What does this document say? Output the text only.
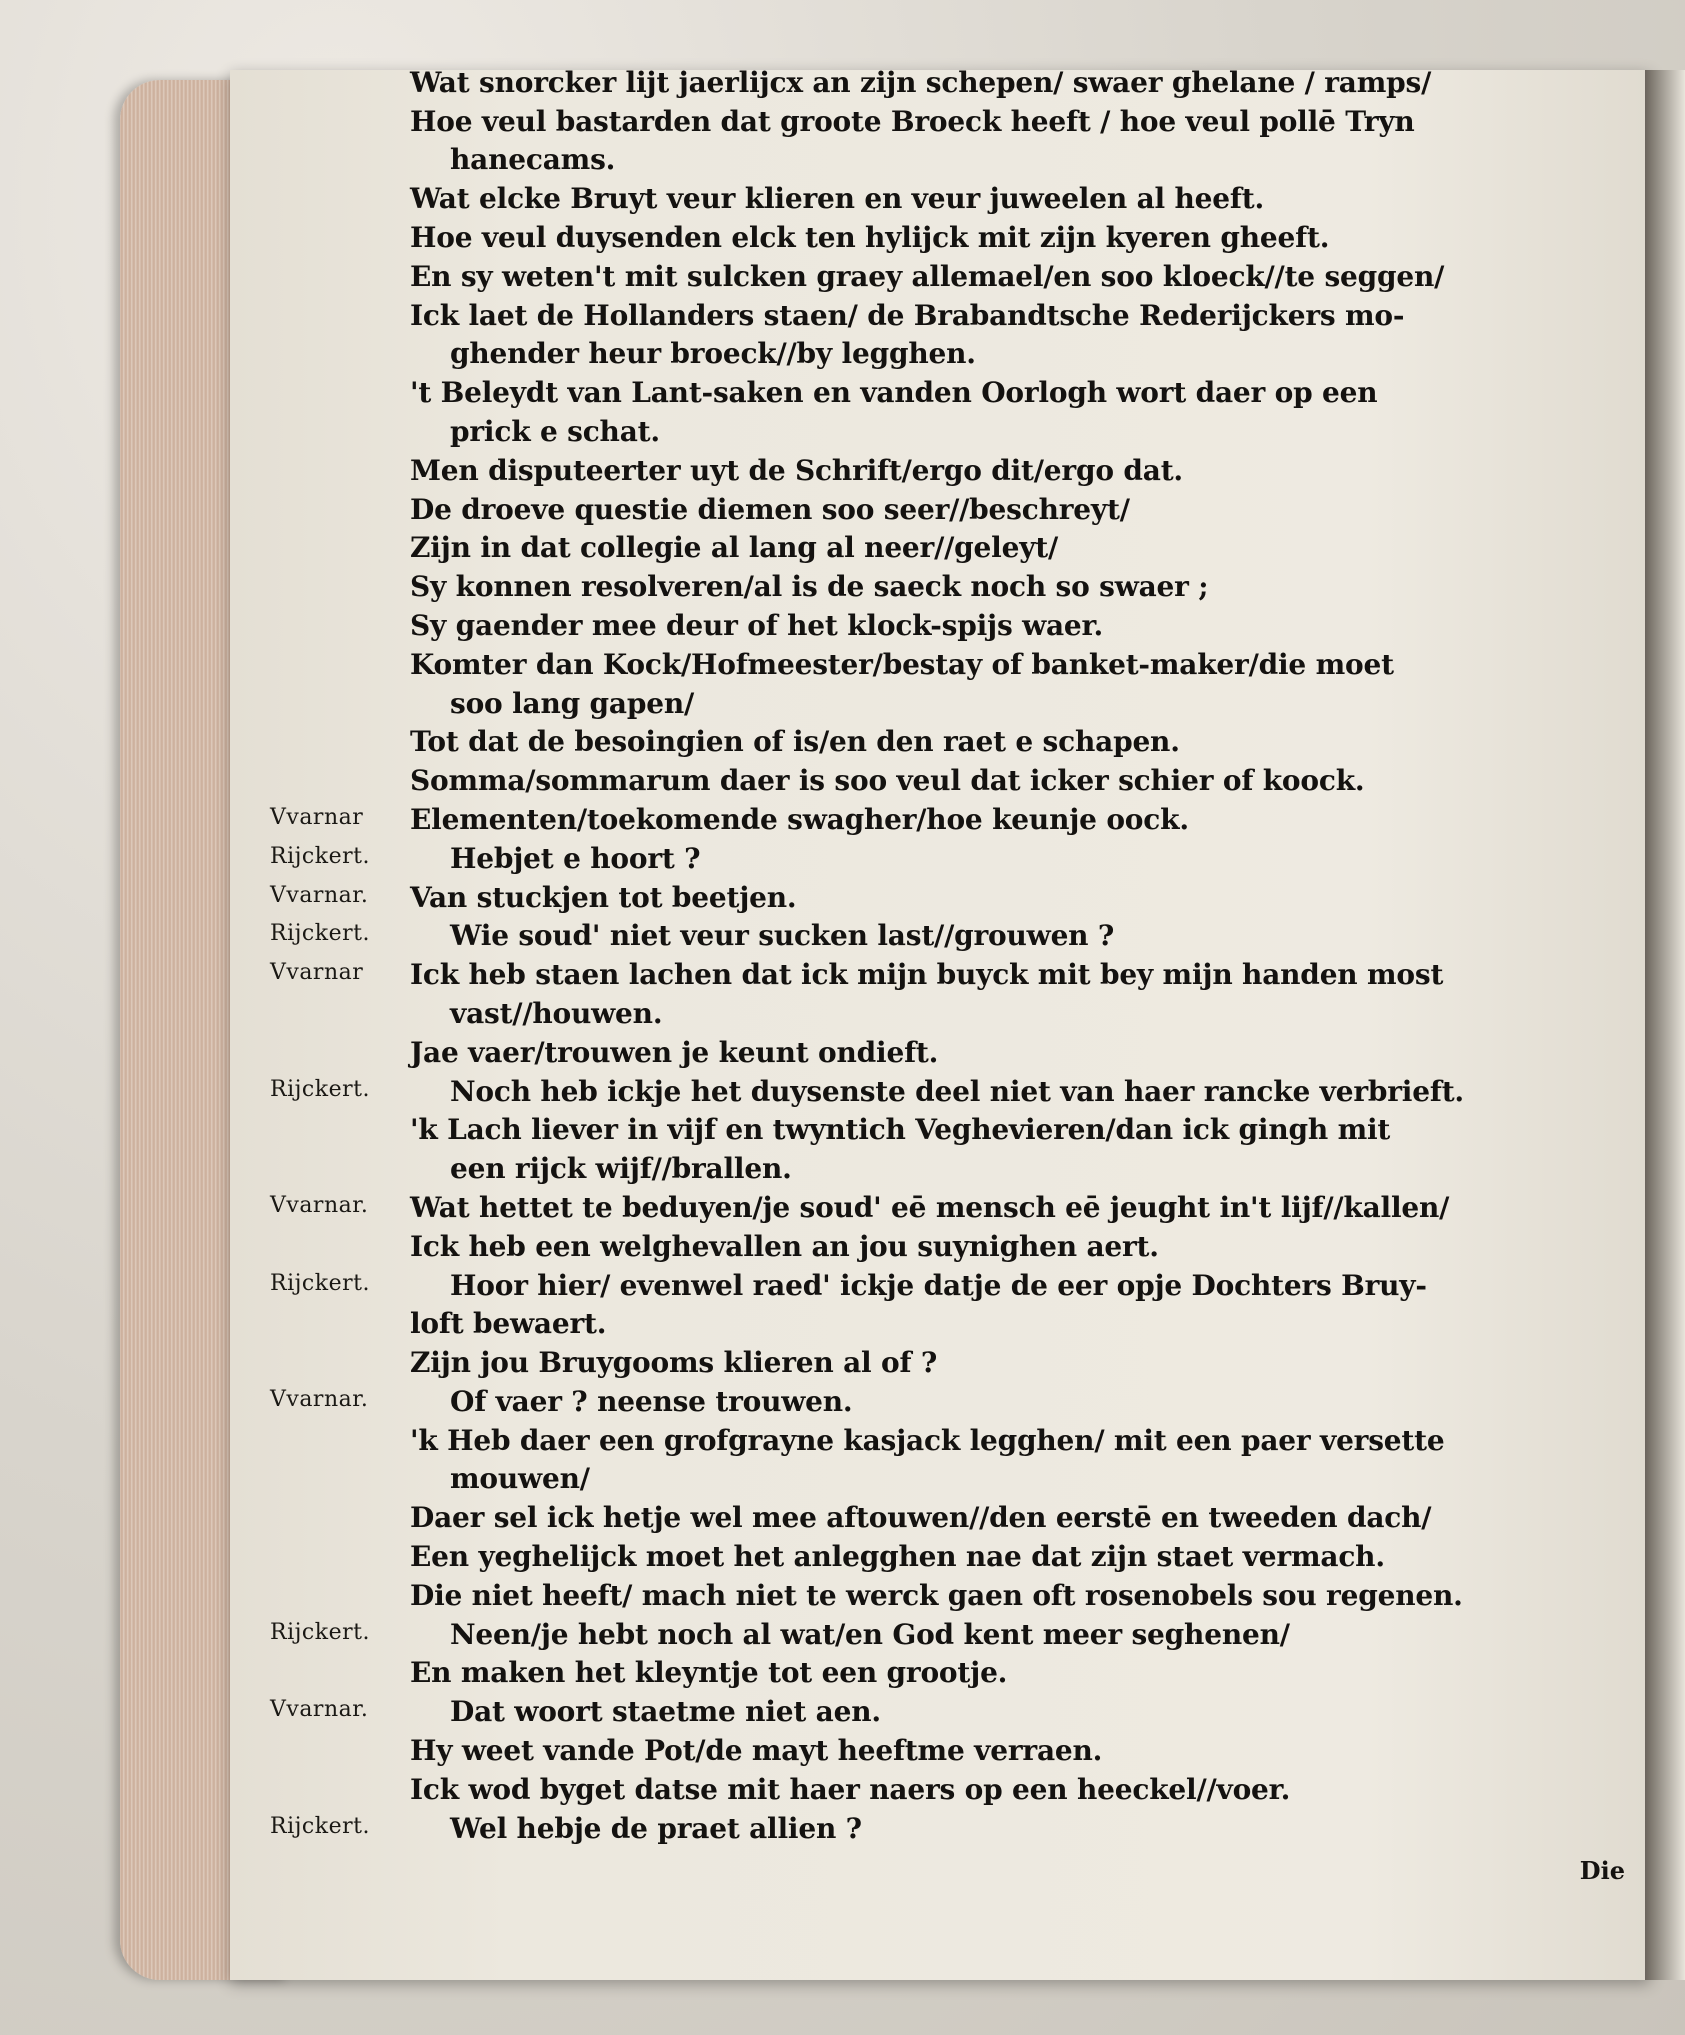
Wat snorcker lijt jaerlijcx an zijn schepen/ swaer ghelane / ramps/
Hoe veul bastarden dat groote Broeck heeft / hoe veul pollē Tryn
hanecams.
Wat elcke Bruyt veur klieren en veur juweelen al heeft.
Hoe veul duysenden elck ten hylijck mit zijn kyeren gheeft.
En sy weten't mit sulcken graey allemael/en soo kloeck//te seggen/
Ick laet de Hollanders staen/ de Brabandtsche Rederijckers mo-
ghender heur broeck//by legghen.
't Beleydt van Lant-saken en vanden Oorlogh wort daer op een
prick e schat.
Men disputeerter uyt de Schrift/ergo dit/ergo dat.
De droeve questie diemen soo seer//beschreyt/
Zijn in dat collegie al lang al neer//geleyt/
Sy konnen resolveren/al is de saeck noch so swaer ;
Sy gaender mee deur of het klock-spijs waer.
Komter dan Kock/Hofmeester/bestay of banket-maker/die moet
soo lang gapen/
Tot dat de besoingien of is/en den raet e schapen.
Somma/sommarum daer is soo veul dat icker schier of koock.
Vvarnar	Elementen/toekomende swagher/hoe keunje oock.
Rijckert.	Hebjet e hoort ?
Vvarnar.	Van stuckjen tot beetjen.
Rijckert.	Wie soud' niet veur sucken last//grouwen ?
Vvarnar	Ick heb staen lachen dat ick mijn buyck mit bey mijn handen most
vast//houwen.
Jae vaer/trouwen je keunt ondieft.
Rijckert.	Noch heb ickje het duysenste deel niet van haer rancke verbrieft.
'k Lach liever in vijf en twyntich Veghevieren/dan ick gingh mit
een rijck wijf//brallen.
Vvarnar.	Wat hettet te beduyen/je soud' eē mensch eē jeught in't lijf//kallen/
Ick heb een welghevallen an jou suynighen aert.
Rijckert.	Hoor hier/ evenwel raed' ickje datje de eer opje Dochters Bruy-
loft bewaert.
Zijn jou Bruygooms klieren al of ?
Vvarnar.	Of vaer ? neense trouwen.
'k Heb daer een grofgrayne kasjack legghen/ mit een paer versette
mouwen/
Daer sel ick hetje wel mee aftouwen//den eerstē en tweeden dach/
Een yeghelijck moet het anlegghen nae dat zijn staet vermach.
Die niet heeft/ mach niet te werck gaen oft rosenobels sou regenen.
Rijckert.	Neen/je hebt noch al wat/en God kent meer seghenen/
En maken het kleyntje tot een grootje.
Vvarnar.	Dat woort staetme niet aen.
Hy weet vande Pot/de mayt heeftme verraen.
Ick wod byget datse mit haer naers op een heeckel//voer.
Rijckert.	Wel hebje de praet allien ?
Die
